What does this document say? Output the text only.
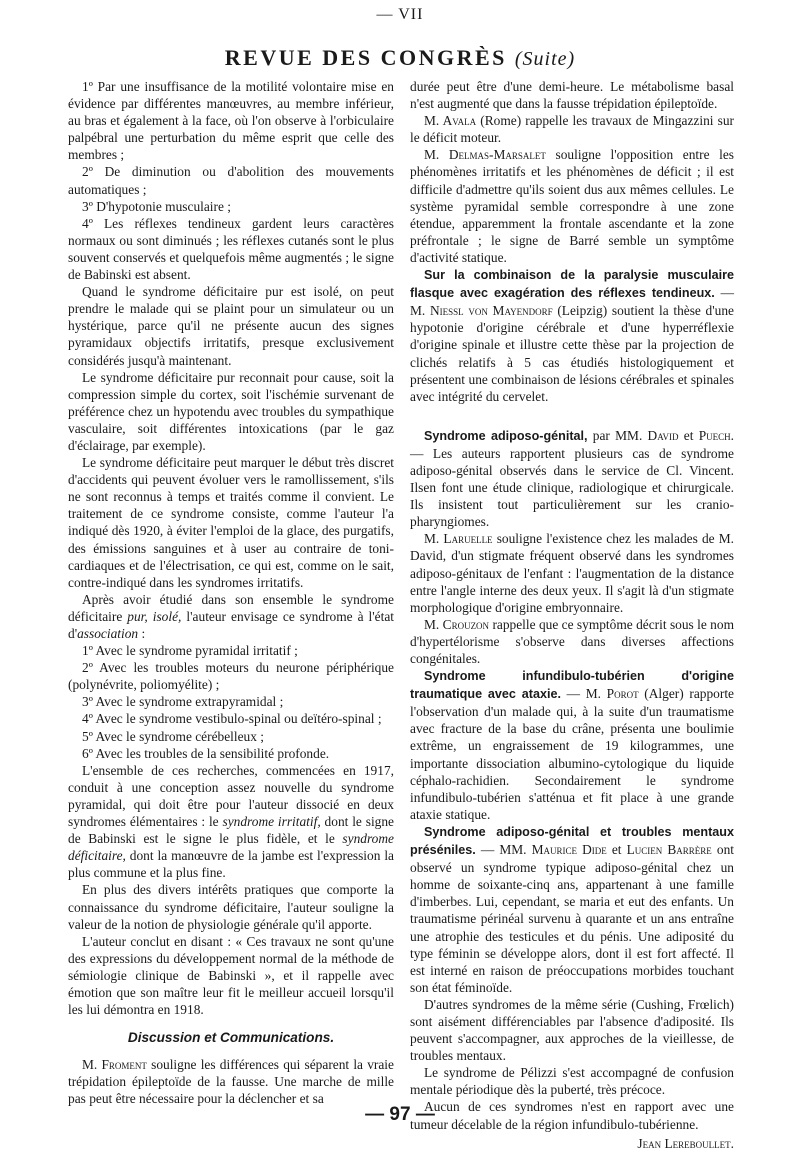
— VII
REVUE DES CONGRÈS (Suite)

1º Par une insuffisance de la motilité volontaire mise en évidence par différentes manœuvres, au membre inférieur, au bras et également à la face, où l'on observe à l'orbiculaire palpébral une perturbation du même esprit que celle des membres ;

2º De diminution ou d'abolition des mouvements automatiques ;

3º D'hypotonie musculaire ;

4º Les réflexes tendineux gardent leurs caractères normaux ou sont diminués ; les réflexes cutanés sont le plus souvent conservés et quelquefois même augmentés ; le signe de Babinski est absent.

Quand le syndrome déficitaire pur est isolé, on peut prendre le malade qui se plaint pour un simulateur ou un hystérique, parce qu'il ne présente aucun des signes pyramidaux objectifs irritatifs, presque exclusivement considérés jusqu'à maintenant.

Le syndrome déficitaire pur reconnait pour cause, soit la compression simple du cortex, soit l'ischémie survenant de préférence chez un hypotendu avec troubles du sympathique vasculaire, soit différentes intoxications (par le gaz d'éclairage, par exemple).

Le syndrome déficitaire peut marquer le début très discret d'accidents qui peuvent évoluer vers le ramollissement, s'ils ne sont reconnus à temps et traités comme il convient. Le traitement de ce syndrome consiste, comme l'auteur l'a indiqué dès 1920, à éviter l'emploi de la glace, des purgatifs, des émissions sanguines et à user au contraire de toni-cardiaques et de l'électrisation, ce qui est, comme on le sait, contre-indiqué dans les syndromes irritatifs.

Après avoir étudié dans son ensemble le syndrome déficitaire pur, isolé, l'auteur envisage ce syndrome à l'état d'association :

1º Avec le syndrome pyramidal irritatif ;

2º Avec les troubles moteurs du neurone périphérique (polynévrite, poliomyélite) ;

3º Avec le syndrome extrapyramidal ;

4º Avec le syndrome vestibulo-spinal ou deïtéro-spinal ;

5º Avec le syndrome cérébelleux ;

6º Avec les troubles de la sensibilité profonde.

L'ensemble de ces recherches, commencées en 1917, conduit à une conception assez nouvelle du syndrome pyramidal, qui doit être pour l'auteur dissocié en deux syndromes élémentaires : le syndrome irritatif, dont le signe de Babinski est le signe le plus fidèle, et le syndrome déficitaire, dont la manœuvre de la jambe est l'expression la plus commune et la plus fine.

En plus des divers intérêts pratiques que comporte la connaissance du syndrome déficitaire, l'auteur souligne la valeur de la notion de physiologie générale qu'il apporte.

L'auteur conclut en disant : « Ces travaux ne sont qu'une des expressions du développement normal de la méthode de sémiologie clinique de Babinski », et il rappelle avec émotion que son maître leur fit le meilleur accueil lorsqu'il les lui démontra en 1918.

Discussion et Communications.

M. Froment souligne les différences qui séparent la vraie trépidation épileptoïde de la fausse. Une marche de mille pas peut être nécessaire pour la déclencher et sa

durée peut être d'une demi-heure. Le métabolisme basal n'est augmenté que dans la fausse trépidation épileptoïde.

M. Avala (Rome) rappelle les travaux de Mingazzini sur le déficit moteur.

M. Delmas-Marsalet souligne l'opposition entre les phénomènes irritatifs et les phénomènes de déficit ; il est difficile d'admettre qu'ils soient dus aux mêmes cellules. Le système pyramidal semble correspondre à une zone étendue, apparemment la frontale ascendante et la zone préfrontale ; le signe de Barré semble un symptôme d'activité statique.

Sur la combinaison de la paralysie musculaire flasque avec exagération des réflexes tendineux. — M. Niessl von Mayendorf (Leipzig) soutient la thèse d'une hypotonie d'origine cérébrale et d'une hyperréflexie d'origine spinale et illustre cette thèse par la projection de clichés relatifs à 5 cas étudiés histologiquement et présentent une combinaison de lésions cérébrales et spinales avec intégrité du cervelet.

Syndrome adiposo-génital, par MM. David et Puech. — Les auteurs rapportent plusieurs cas de syndrome adiposo-génital observés dans le service de Cl. Vincent. Ilsen font une étude clinique, radiologique et chirurgicale. Ils insistent tout particulièrement sur les cranio-pharyngiomes.

M. Laruelle souligne l'existence chez les malades de M. David, d'un stigmate fréquent observé dans les syndromes adiposo-génitaux de l'enfant : l'augmentation de la distance entre l'angle interne des deux yeux. Il s'agit là d'un stigmate morphologique d'origine embryonnaire.

M. Crouzon rappelle que ce symptôme décrit sous le nom d'hypertélorisme s'observe dans diverses affections congénitales.

Syndrome infundibulo-tubérien d'origine traumatique avec ataxie. — M. Porot (Alger) rapporte l'observation d'un malade qui, à la suite d'un traumatisme avec fracture de la base du crâne, présenta une boulimie extrême, un engraissement de 19 kilogrammes, une importante dissociation albumino-cytologique du liquide céphalo-rachidien. Secondairement le syndrome infundibulo-tubérien s'atténua et fit place à une grande ataxie statique.

Syndrome adiposo-génital et troubles mentaux préséniles. — MM. Maurice Dide et Lucien Barrère ont observé un syndrome typique adiposo-génital chez un homme de soixante-cinq ans, appartenant à une famille d'imberbes. Lui, cependant, se maria et eut des enfants. Un traumatisme périnéal survenu à quarante et un ans entraîne une atrophie des testicules et du pénis. Une adiposité du type féminin se développe alors, dont il est fort affecté. Il est interné en raison de préoccupations morbides touchant son état féminoïde.

D'autres syndromes de la même série (Cushing, Frœlich) sont aisément différenciables par l'absence d'adiposité. Ils peuvent s'accompagner, aux approches de la vieillesse, de troubles mentaux.

Le syndrome de Pélizzi s'est accompagné de confusion mentale périodique dès la puberté, très précoce.

Aucun de ces syndromes n'est en rapport avec une tumeur décelable de la région infundibulo-tubérienne.

Jean Lereboullet.
— 97 —
